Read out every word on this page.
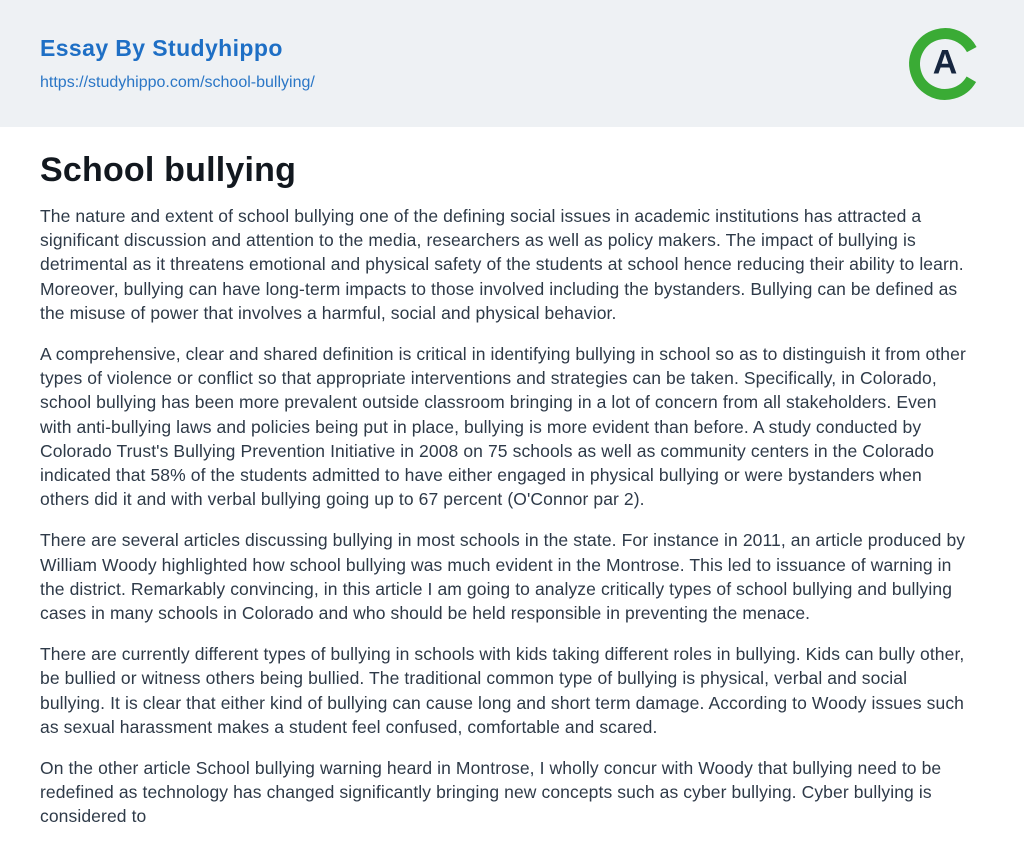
Essay By Studyhippo
https://studyhippo.com/school-bullying/
A
School bullying

The nature and extent of school bullying one of the defining social issues in academic institutions has attracted a significant discussion and attention to the media, researchers as well as policy makers. The impact of bullying is detrimental as it threatens emotional and physical safety of the students at school hence reducing their ability to learn. Moreover, bullying can have long-term impacts to those involved including the bystanders. Bullying can be defined as the misuse of power that involves a harmful, social and physical behavior.

A comprehensive, clear and shared definition is critical in identifying bullying in school so as to distinguish it from other types of violence or conflict so that appropriate interventions and strategies can be taken. Specifically, in Colorado, school bullying has been more prevalent outside classroom bringing in a lot of concern from all stakeholders. Even with anti-bullying laws and policies being put in place, bullying is more evident than before. A study conducted by Colorado Trust's Bullying Prevention Initiative in 2008 on 75 schools as well as community centers in the Colorado indicated that 58% of the students admitted to have either engaged in physical bullying or were bystanders when others did it and with verbal bullying going up to 67 percent (O'Connor par 2).

There are several articles discussing bullying in most schools in the state. For instance in 2011, an article produced by William Woody highlighted how school bullying was much evident in the Montrose. This led to issuance of warning in the district. Remarkably convincing, in this article I am going to analyze critically types of school bullying and bullying cases in many schools in Colorado and who should be held responsible in preventing the menace.

There are currently different types of bullying in schools with kids taking different roles in bullying. Kids can bully other, be bullied or witness others being bullied. The traditional common type of bullying is physical, verbal and social bullying. It is clear that either kind of bullying can cause long and short term damage. According to Woody issues such as sexual harassment makes a student feel confused, comfortable and scared.

On the other article School bullying warning heard in Montrose, I wholly concur with Woody that bullying need to be redefined as technology has changed significantly bringing new concepts such as cyber bullying. Cyber bullying is considered to
